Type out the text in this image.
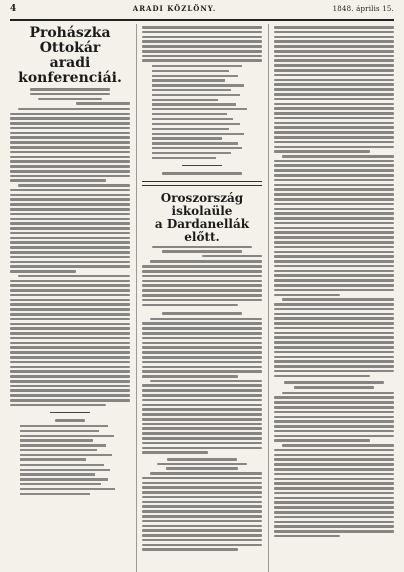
4	ARADI KÖZLÖNY.	1848. április 15.
Prohászka Ottokár
aradi konferenciái.
Oroszország iskolaüle
a Dardanellák előtt.
